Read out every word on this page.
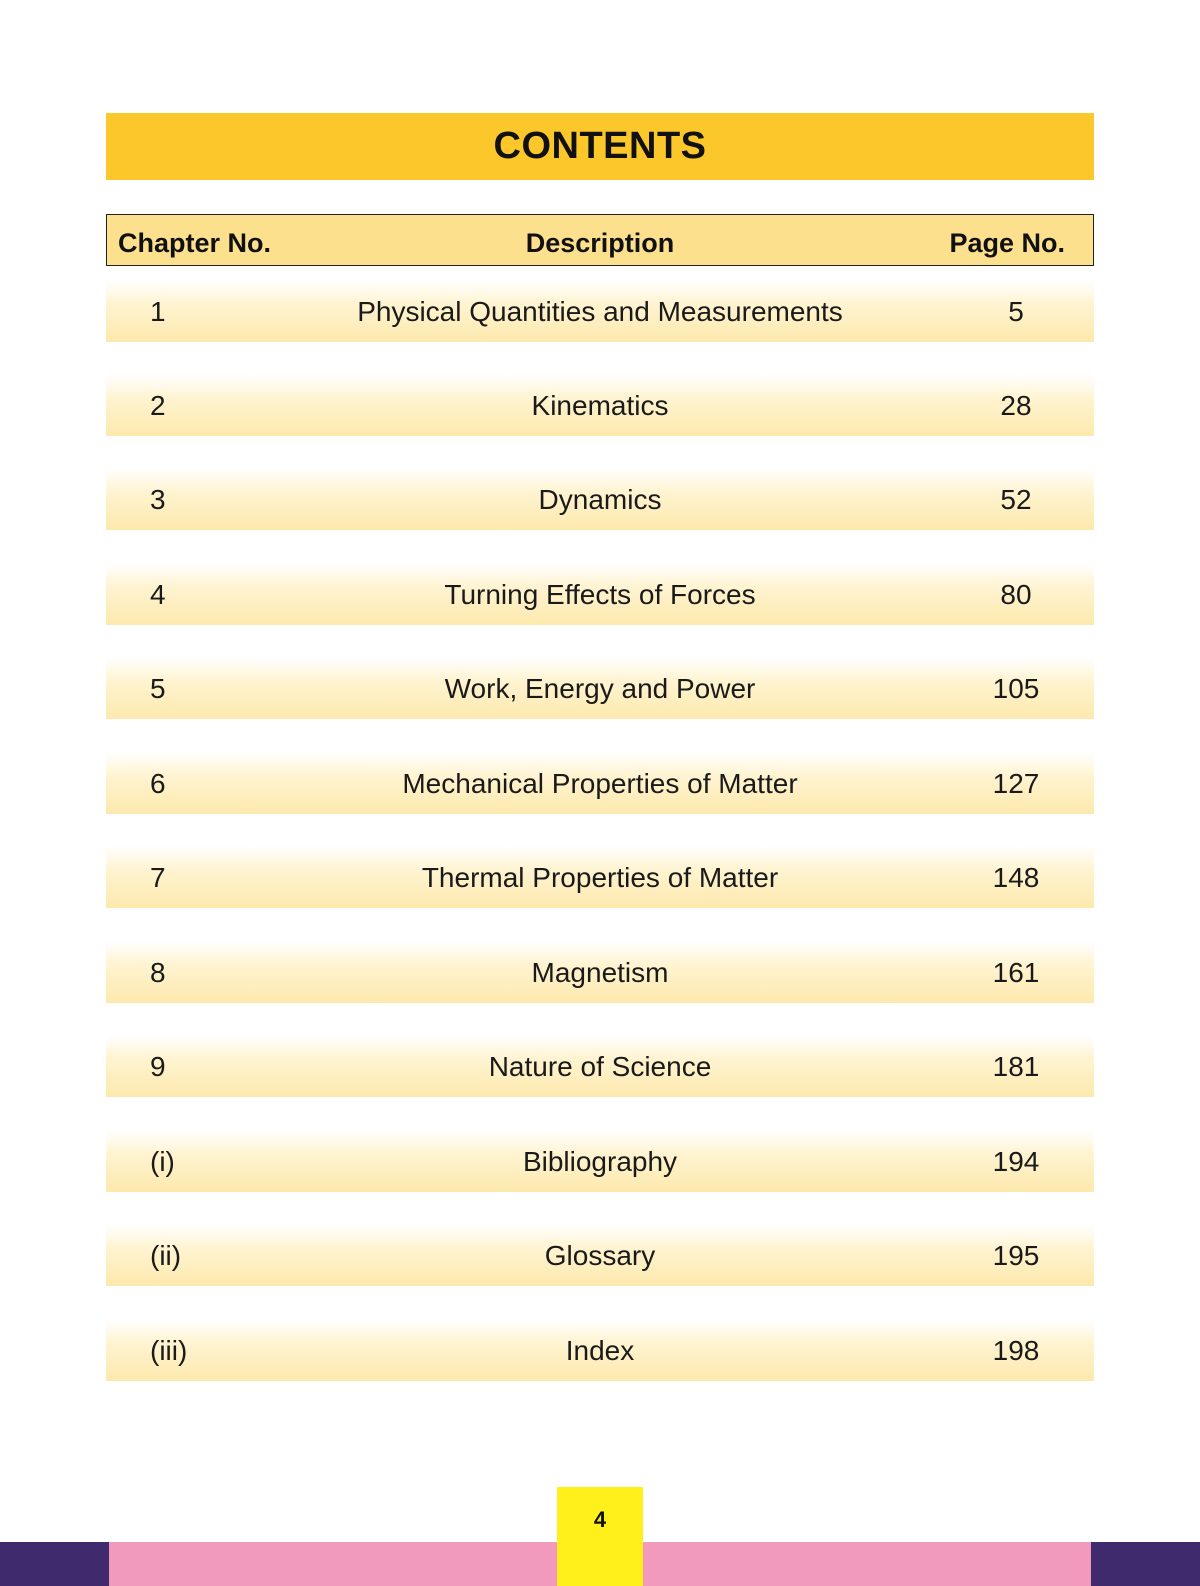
CONTENTS
Chapter No.	Description	Page No.
1	Physical Quantities and Measurements	5
2	Kinematics	28
3	Dynamics	52
4	Turning Effects of Forces	80
5	Work, Energy and Power	105
6	Mechanical Properties of Matter	127
7	Thermal Properties of Matter	148
8	Magnetism	161
9	Nature of Science	181
(i)	Bibliography	194
(ii)	Glossary	195
(iii)	Index	198
4
